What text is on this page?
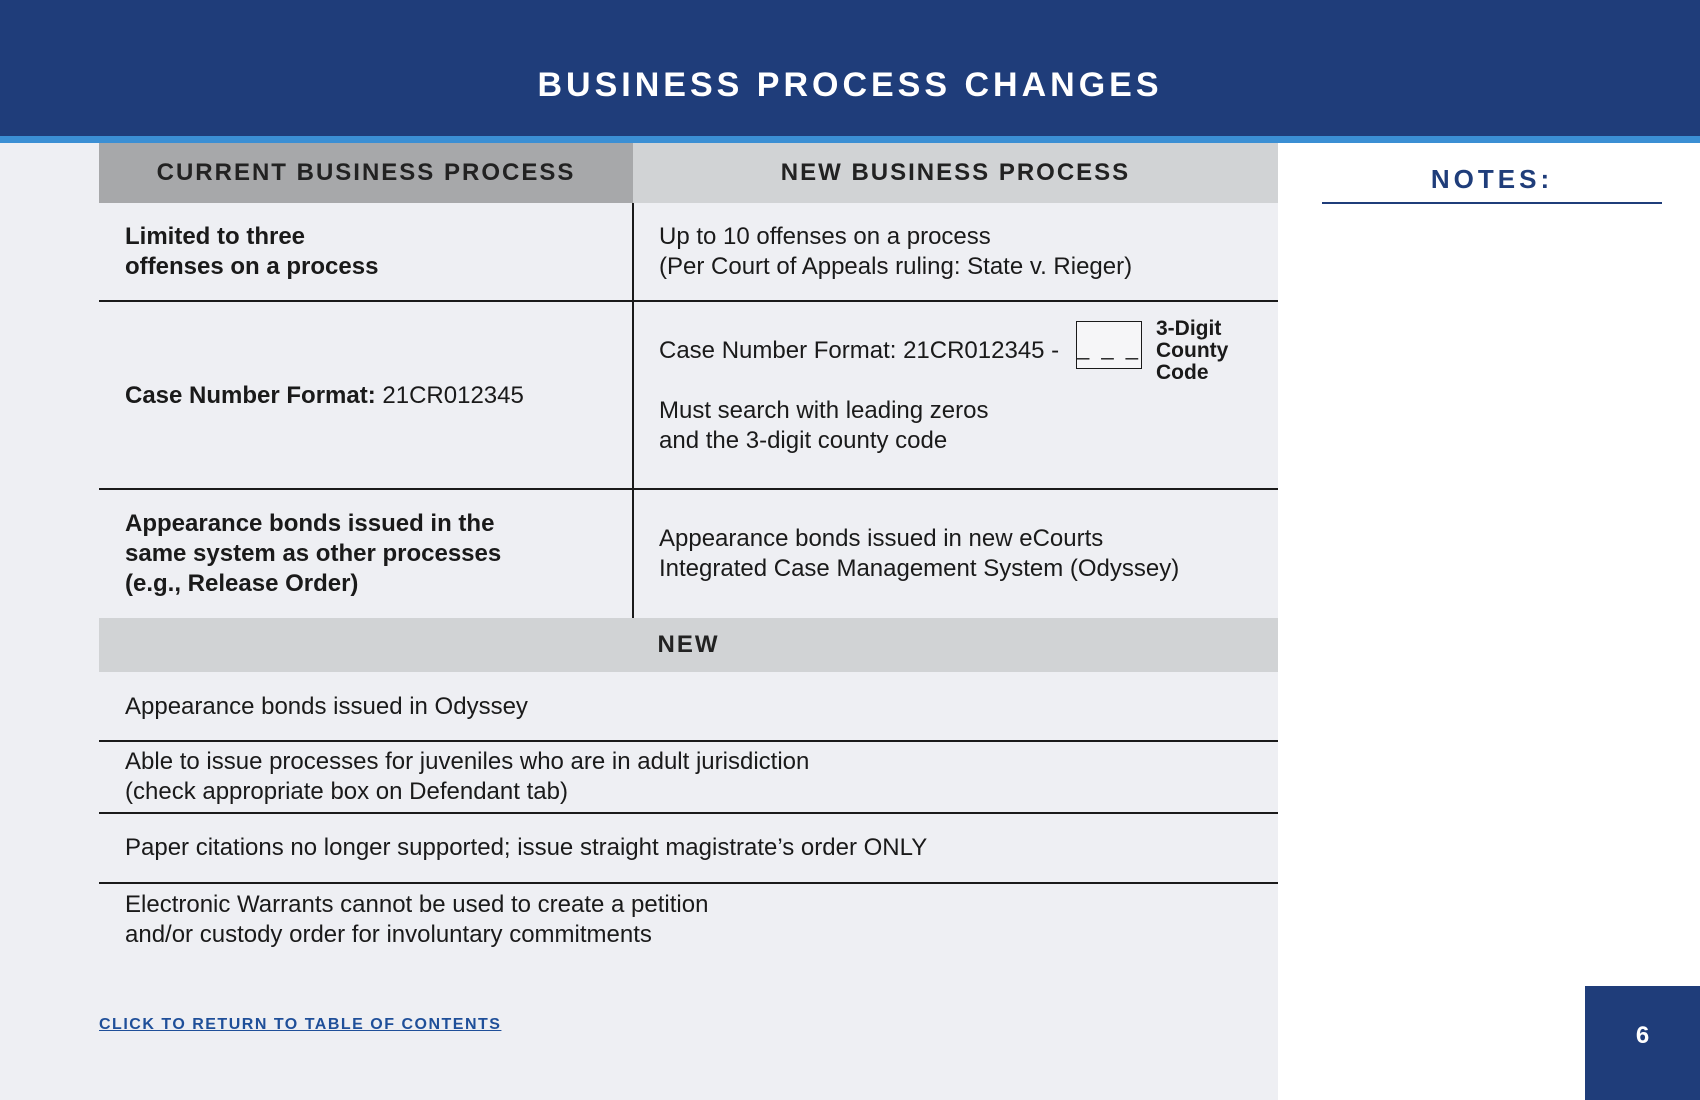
BUSINESS PROCESS CHANGES
CURRENT BUSINESS PROCESS	NEW BUSINESS PROCESS
Limited to three
offenses on a process
Up to 10 offenses on a process
(Per Court of Appeals ruling: State v. Rieger)
Case Number Format: 21CR012345
Case Number Format: 21CR012345 - _ _ _
3-Digit
County
Code
Must search with leading zeros
and the 3-digit county code
Appearance bonds issued in the
same system as other processes
(e.g., Release Order)
Appearance bonds issued in new eCourts
Integrated Case Management System (Odyssey)
NEW
Appearance bonds issued in Odyssey
Able to issue processes for juveniles who are in adult jurisdiction
(check appropriate box on Defendant tab)
Paper citations no longer supported; issue straight magistrate’s order ONLY
Electronic Warrants cannot be used to create a petition
and/or custody order for involuntary commitments
CLICK TO RETURN TO TABLE OF CONTENTS
NOTES:
6
